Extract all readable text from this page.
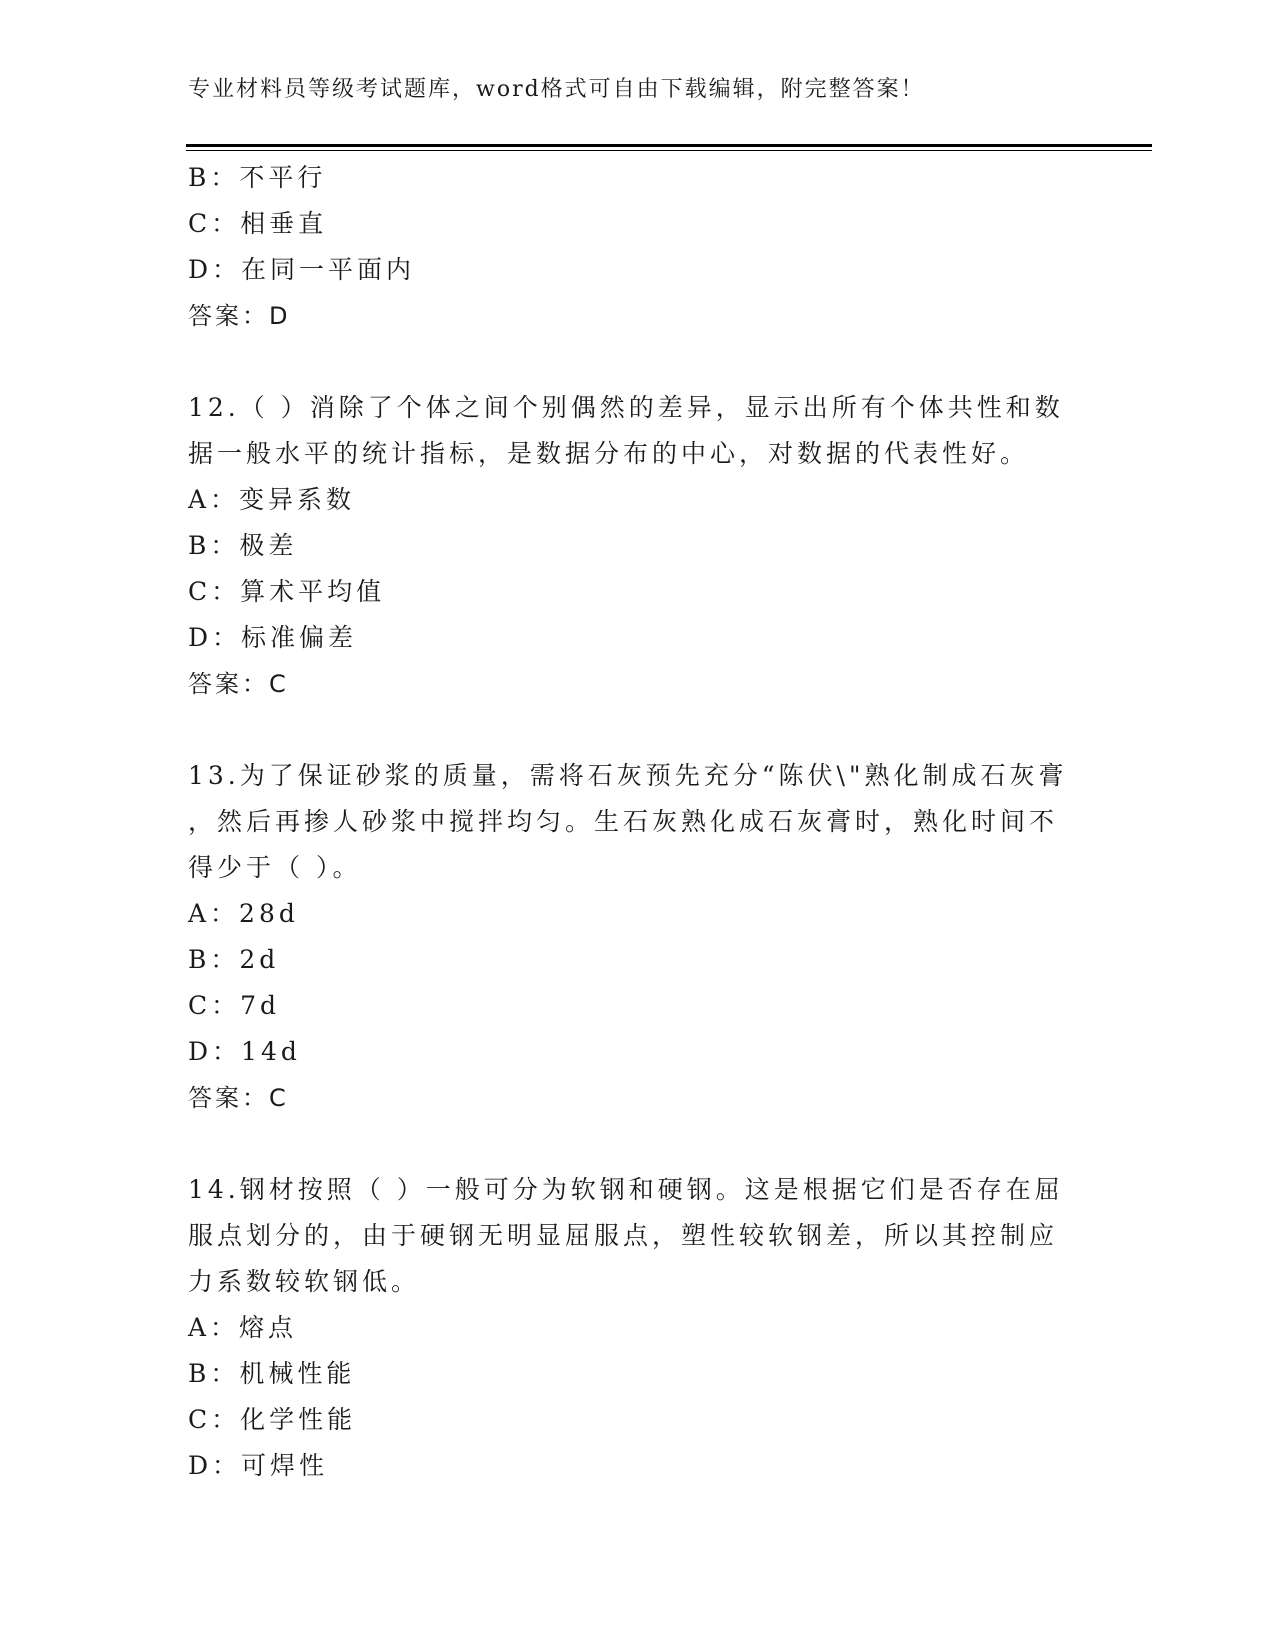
专业材料员等级考试题库，word格式可自由下载编辑，附完整答案！
B：不平行
C：相垂直
D：在同一平面内
答案：D
12.（ ）消除了个体之间个别偶然的差异，显示出所有个体共性和数
据一般水平的统计指标，是数据分布的中心，对数据的代表性好。
A：变异系数
B：极差
C：算术平均值
D：标准偏差
答案：C
13.为了保证砂浆的质量，需将石灰预先充分“陈伏\"熟化制成石灰膏
，然后再掺人砂浆中搅拌均匀。生石灰熟化成石灰膏时，熟化时间不
得少于（ ）。
A：28d
B：2d
C：7d
D：14d
答案：C
14.钢材按照（ ）一般可分为软钢和硬钢。这是根据它们是否存在屈
服点划分的，由于硬钢无明显屈服点，塑性较软钢差，所以其控制应
力系数较软钢低。
A：熔点
B：机械性能
C：化学性能
D：可焊性
